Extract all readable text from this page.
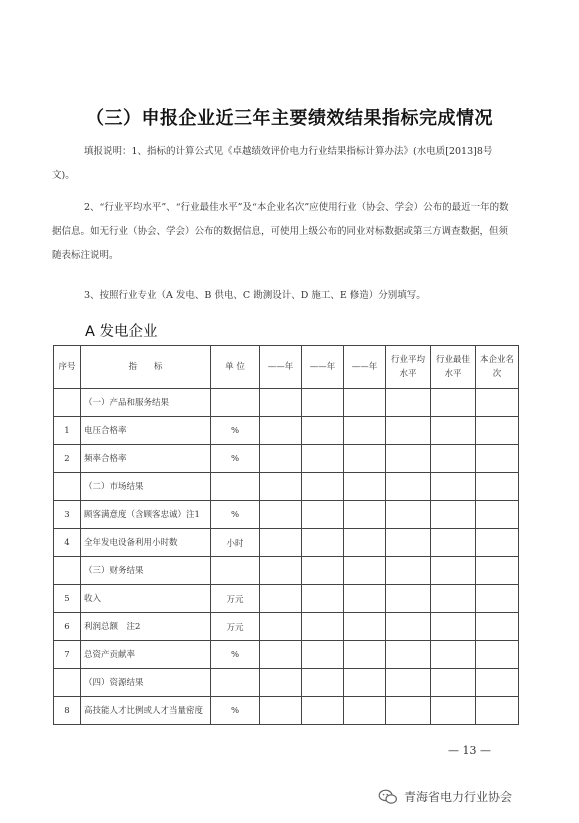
（三）申报企业近三年主要绩效结果指标完成情况
填报说明：1、指标的计算公式见《卓越绩效评价电力行业结果指标计算办法》(水电质[2013]8号文)。
2、“行业平均水平”、“行业最佳水平”及“本企业名次”应使用行业（协会、学会）公布的最近一年的数据信息。如无行业（协会、学会）公布的数据信息，可使用上级公布的同业对标数据或第三方调查数据，但须随表标注说明。
3、按照行业专业（A 发电、B 供电、C 勘测设计、D 施工、E 修造）分别填写。
A 发电企业
序号	指　　标	单 位	——年	——年	——年	行业平均水平	行业最佳水平	本企业名次
	（一）产品和服务结果							
1	电压合格率	%						
2	频率合格率	%						
	（二）市场结果							
3	顾客满意度（含顾客忠诚）注1	%						
4	全年发电设备利用小时数	小时						
	（三）财务结果							
5	收入	万元						
6	利润总额　注2	万元						
7	总资产贡献率	%						
	（四）资源结果							
8	高技能人才比例或人才当量密度	%						
— 13 —
青海省电力行业协会
